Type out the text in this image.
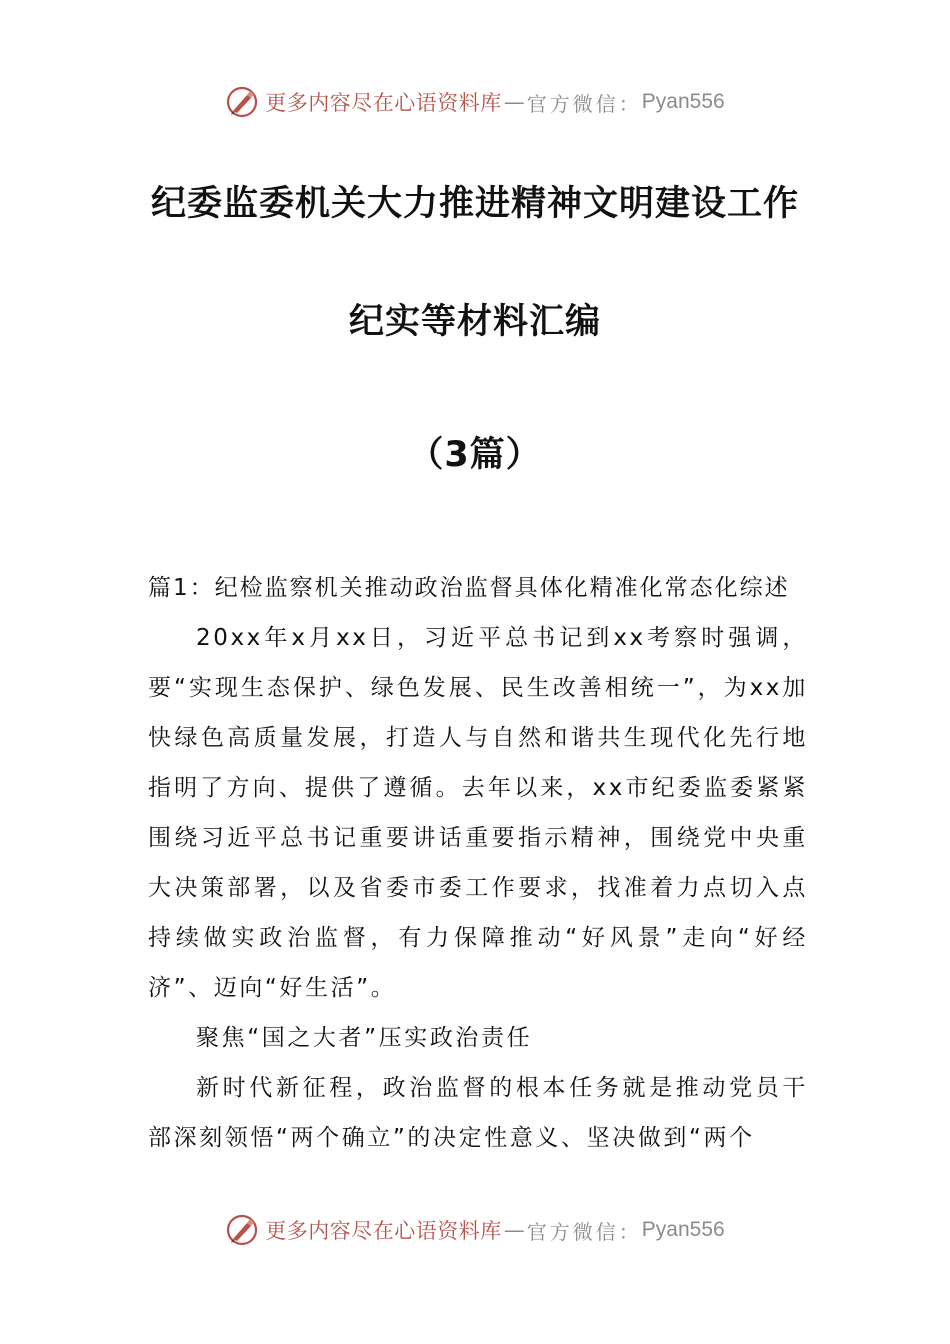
更多内容尽在心语资料库 — 官方微信： Pyan556
纪委监委机关大力推进精神文明建设工作
纪实等材料汇编
（3篇）

篇1：纪检监察机关推动政治监督具体化精准化常态化综述

20xx年x月xx日，习近平总书记到xx考察时强调，要“实现生态保护、绿色发展、民生改善相统一”，为xx加快绿色高质量发展，打造人与自然和谐共生现代化先行地指明了方向、提供了遵循。去年以来，xx市纪委监委紧紧围绕习近平总书记重要讲话重要指示精神，围绕党中央重大决策部署，以及省委市委工作要求，找准着力点切入点持续做实政治监督，有力保障推动“好风景”走向“好经济”、迈向“好生活”。

聚焦“国之大者”压实政治责任

新时代新征程，政治监督的根本任务就是推动党员干部深刻领悟“两个确立”的决定性意义、坚决做到“两个

更多内容尽在心语资料库 — 官方微信： Pyan556
